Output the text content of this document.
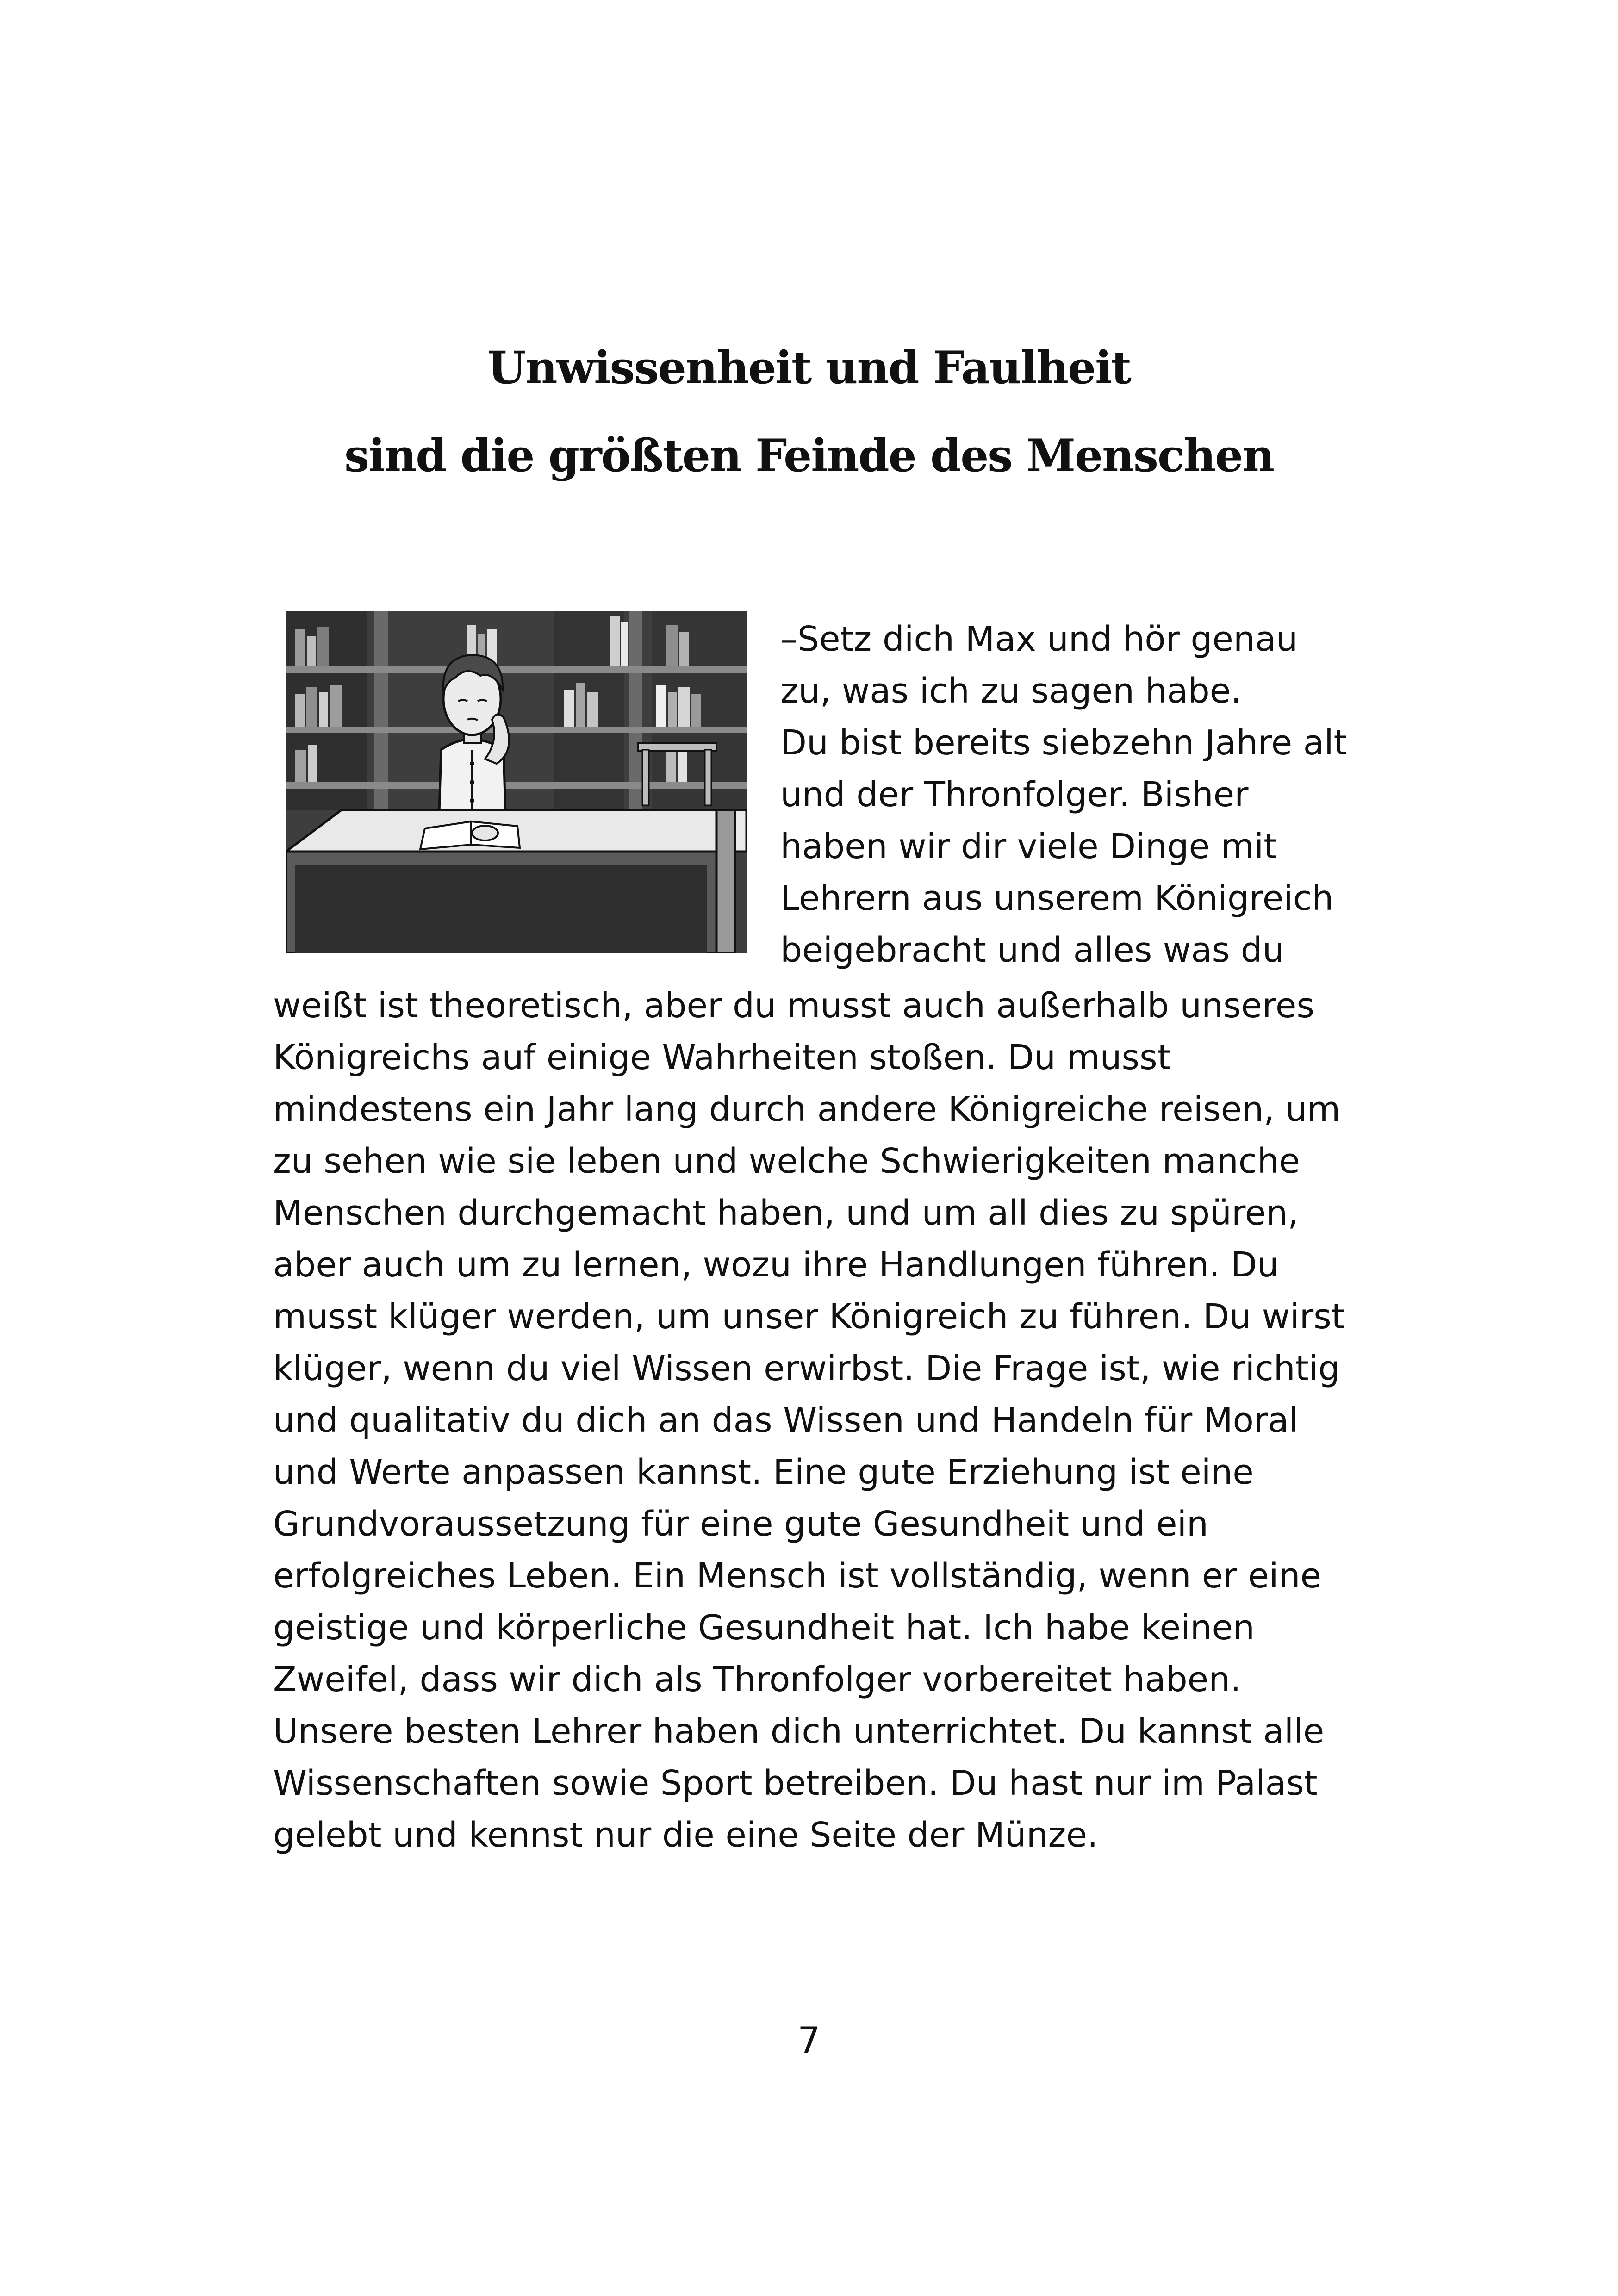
Unwissenheit und Faulheit
sind die größten Feinde des Menschen
–Setz dich Max und hör genau
zu, was ich zu sagen habe.
Du bist bereits siebzehn Jahre alt
und der Thronfolger. Bisher
haben wir dir viele Dinge mit
Lehrern aus unserem Königreich
beigebracht und alles was du
weißt ist theoretisch, aber du musst auch außerhalb unseres
Königreichs auf einige Wahrheiten stoßen. Du musst
mindestens ein Jahr lang durch andere Königreiche reisen, um
zu sehen wie sie leben und welche Schwierigkeiten manche
Menschen durchgemacht haben, und um all dies zu spüren,
aber auch um zu lernen, wozu ihre Handlungen führen. Du
musst klüger werden, um unser Königreich zu führen. Du wirst
klüger, wenn du viel Wissen erwirbst. Die Frage ist, wie richtig
und qualitativ du dich an das Wissen und Handeln für Moral
und Werte anpassen kannst. Eine gute Erziehung ist eine
Grundvoraussetzung für eine gute Gesundheit und ein
erfolgreiches Leben. Ein Mensch ist vollständig, wenn er eine
geistige und körperliche Gesundheit hat. Ich habe keinen
Zweifel, dass wir dich als Thronfolger vorbereitet haben.
Unsere besten Lehrer haben dich unterrichtet. Du kannst alle
Wissenschaften sowie Sport betreiben. Du hast nur im Palast
gelebt und kennst nur die eine Seite der Münze.
7
